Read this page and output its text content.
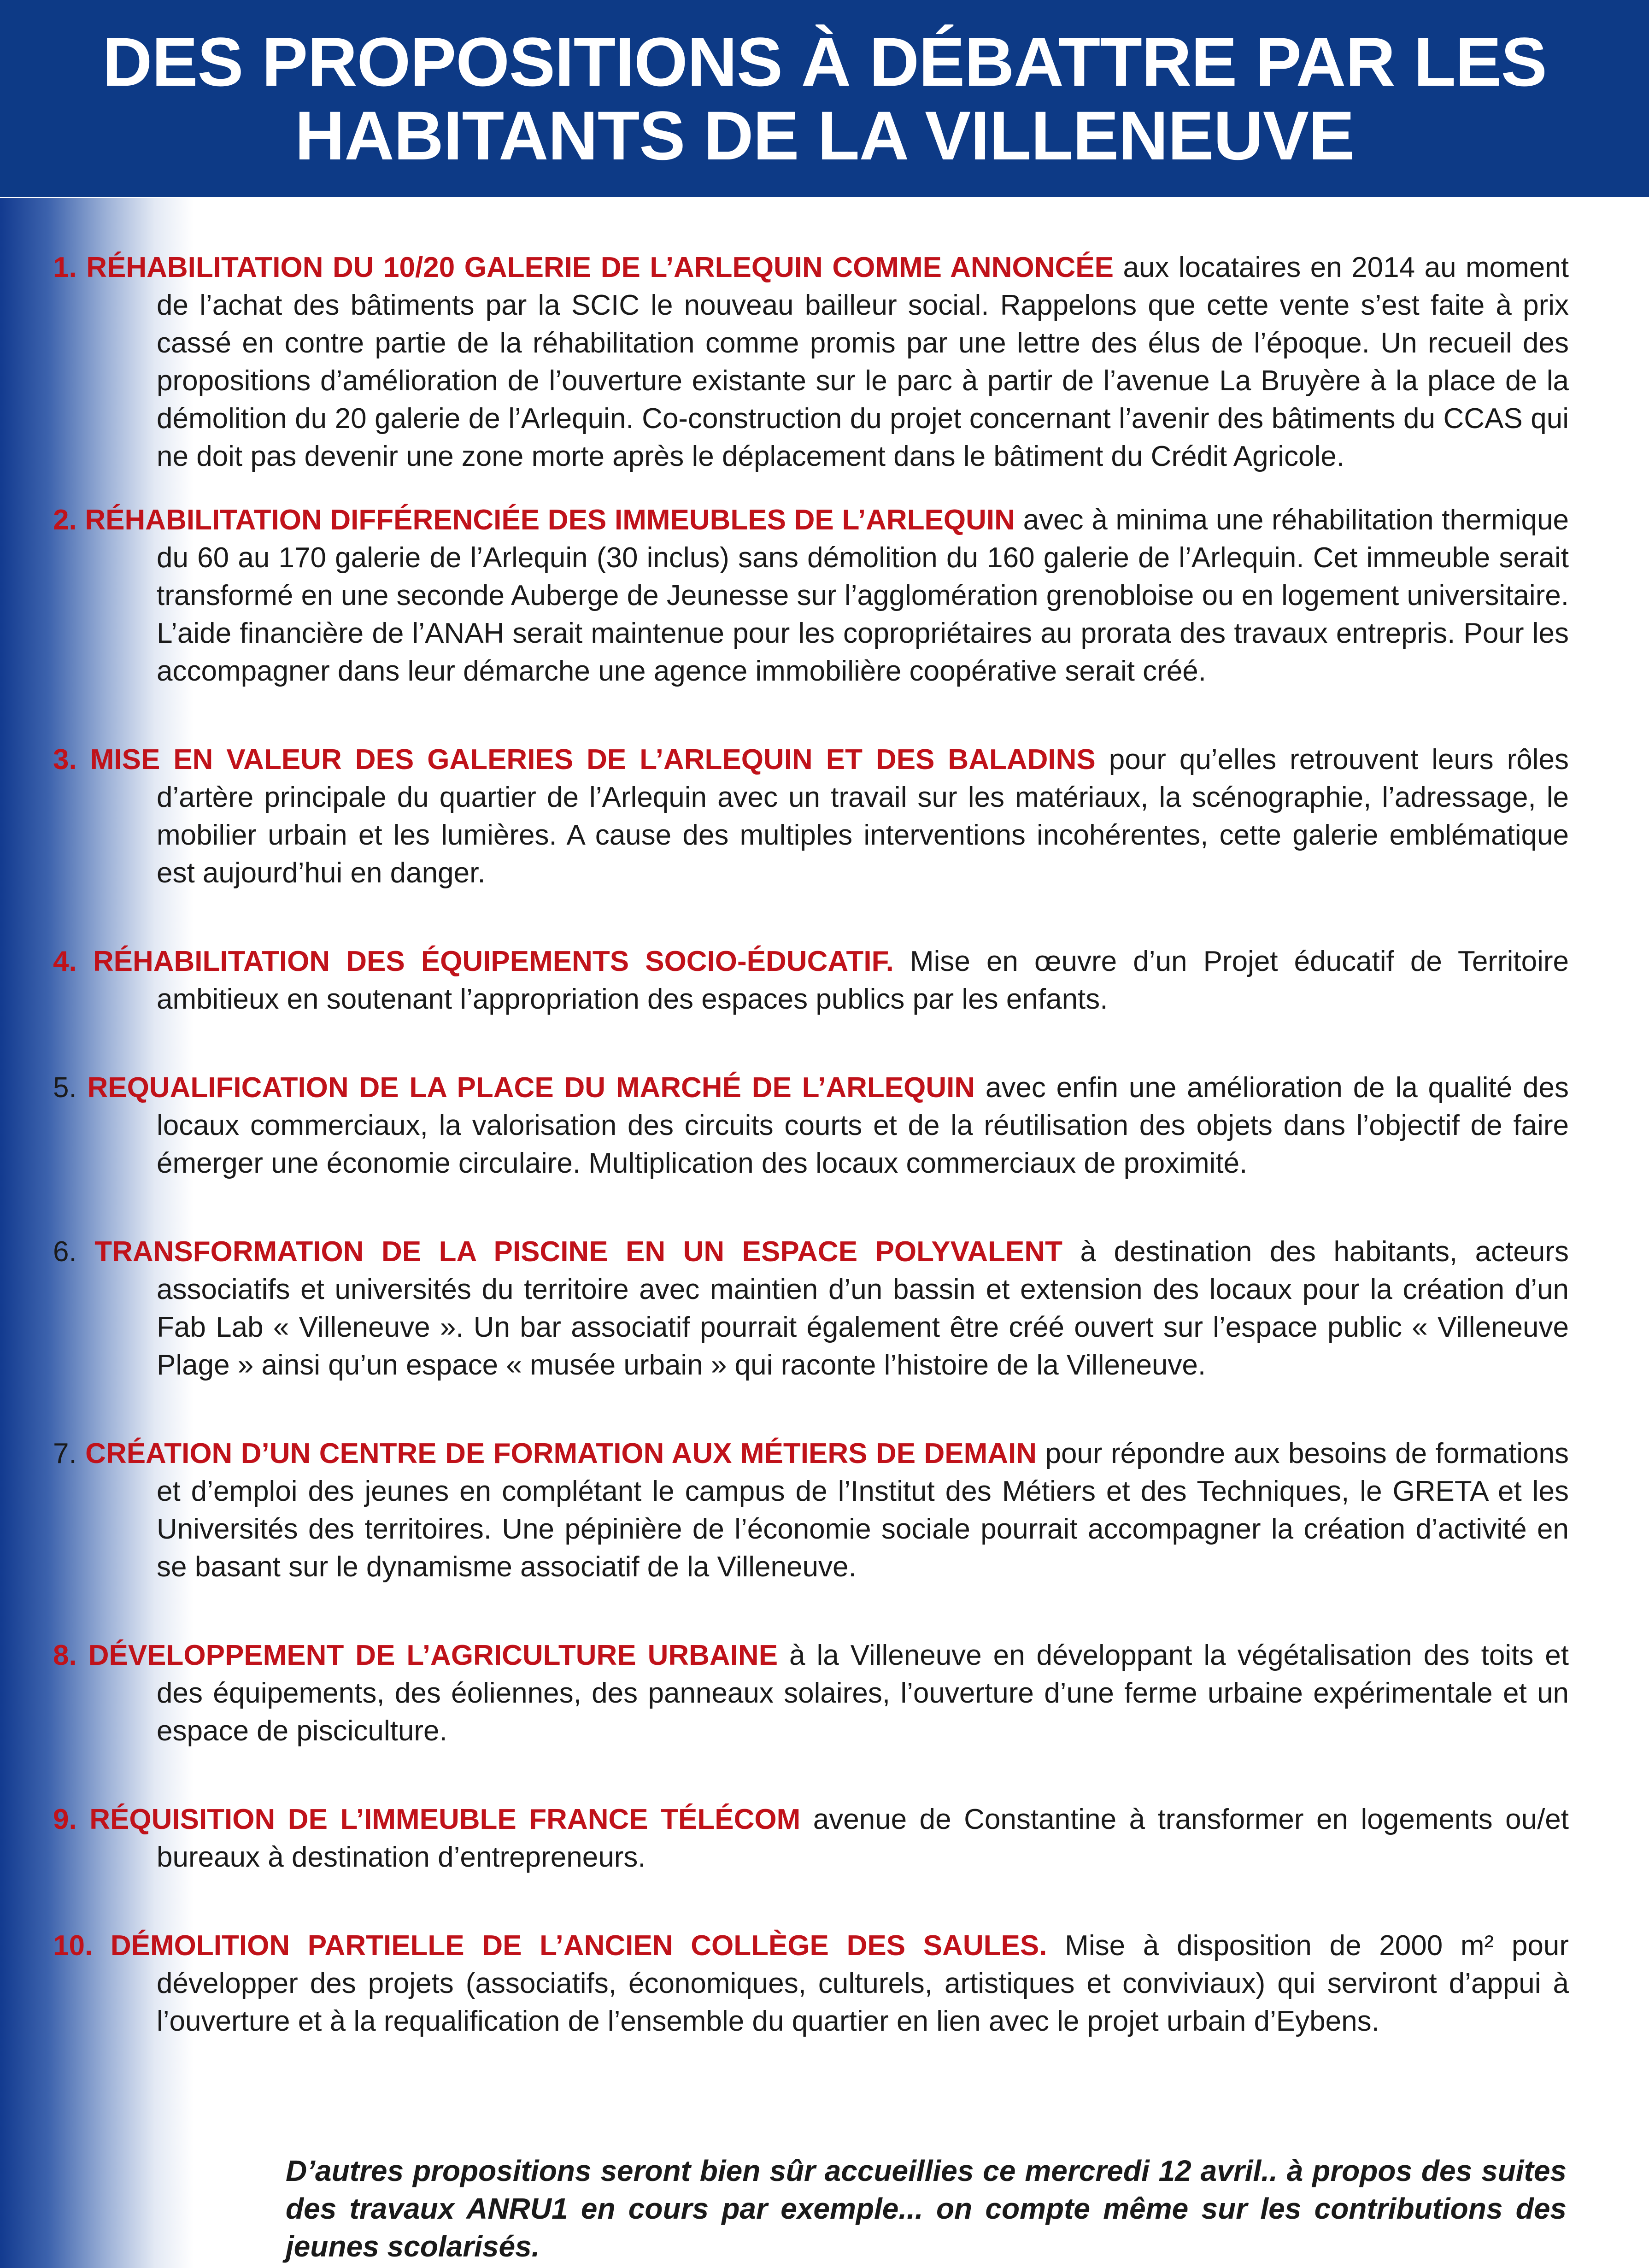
DES PROPOSITIONS À DÉBATTRE PAR LES HABITANTS DE LA VILLENEUVE

1. RÉHABILITATION DU 10/20 GALERIE DE L’ARLEQUIN COMME ANNONCÉE aux locataires en 2014 au moment de l’achat des bâtiments par la SCIC le nouveau bailleur social. Rappelons que cette vente s’est faite à prix cassé en contre partie de la réhabilitation comme promis par une lettre des élus de l’époque. Un recueil des propositions d’amélioration de l’ouverture existante sur le parc à partir de l’avenue La Bruyère à la place de la démolition du 20 galerie de l’Arlequin. Co-construction du projet concernant l’avenir des bâtiments du CCAS qui ne doit pas devenir une zone morte après le déplacement dans le bâtiment du Crédit Agricole.

2. RÉHABILITATION DIFFÉRENCIÉE DES IMMEUBLES DE L’ARLEQUIN avec à minima une réhabilitation thermique du 60 au 170 galerie de l’Arlequin (30 inclus) sans démolition du 160 galerie de l’Arlequin. Cet immeuble serait transformé en une seconde Auberge de Jeunesse sur l’agglomération grenobloise ou en logement universitaire. L’aide financière de l’ANAH serait maintenue pour les copropriétaires au prorata des travaux entrepris. Pour les accompagner dans leur démarche une agence immobilière coopérative serait créé.

3. MISE EN VALEUR DES GALERIES DE L’ARLEQUIN ET DES BALADINS pour qu’elles retrouvent leurs rôles d’artère principale du quartier de l’Arlequin avec un travail sur les matériaux, la scénographie, l’adressage, le mobilier urbain et les lumières. A cause des multiples interventions incohérentes, cette galerie emblématique est aujourd’hui en danger.

4. RÉHABILITATION DES ÉQUIPEMENTS SOCIO-ÉDUCATIF. Mise en œuvre d’un Projet éducatif de Territoire ambitieux en soutenant l’appropriation des espaces publics par les enfants.

5. REQUALIFICATION DE LA PLACE DU MARCHÉ DE L’ARLEQUIN avec enfin une amélioration de la qualité des locaux commerciaux, la valorisation des circuits courts et de la réutilisation des objets dans l’objectif de faire émerger une économie circulaire. Multiplication des locaux commerciaux de proximité.

6. TRANSFORMATION DE LA PISCINE EN UN ESPACE POLYVALENT à destination des habitants, acteurs associatifs et universités du territoire avec maintien d’un bassin et extension des locaux pour la création d’un Fab Lab « Villeneuve ». Un bar associatif pourrait également être créé ouvert sur l’espace public « Villeneuve Plage » ainsi qu’un espace « musée urbain » qui raconte l’histoire de la Villeneuve.

7. CRÉATION D’UN CENTRE DE FORMATION AUX MÉTIERS DE DEMAIN pour répondre aux besoins de formations et d’emploi des jeunes en complétant le campus de l’Institut des Métiers et des Techniques, le GRETA et les Universités des territoires. Une pépinière de l’économie sociale pourrait accompagner la création d’activité en se basant sur le dynamisme associatif de la Villeneuve.

8. DÉVELOPPEMENT DE L’AGRICULTURE URBAINE à la Villeneuve en développant la végétalisation des toits et des équipements, des éoliennes, des panneaux solaires, l’ouverture d’une ferme urbaine expérimentale et un espace de pisciculture.

9. RÉQUISITION DE L’IMMEUBLE FRANCE TÉLÉCOM avenue de Constantine à transformer en logements ou/et bureaux à destination d’entrepreneurs.

10. DÉMOLITION PARTIELLE DE L’ANCIEN COLLÈGE DES SAULES. Mise à disposition de 2000 m² pour développer des projets (associatifs, économiques, culturels, artistiques et conviviaux) qui serviront d’appui à l’ouverture et à la requalification de l’ensemble du quartier en lien avec le projet urbain d’Eybens.

D’autres propositions seront bien sûr accueillies ce mercredi 12 avril.. à propos des suites des travaux ANRU1 en cours par exemple... on compte même sur les contributions des jeunes scolarisés.
